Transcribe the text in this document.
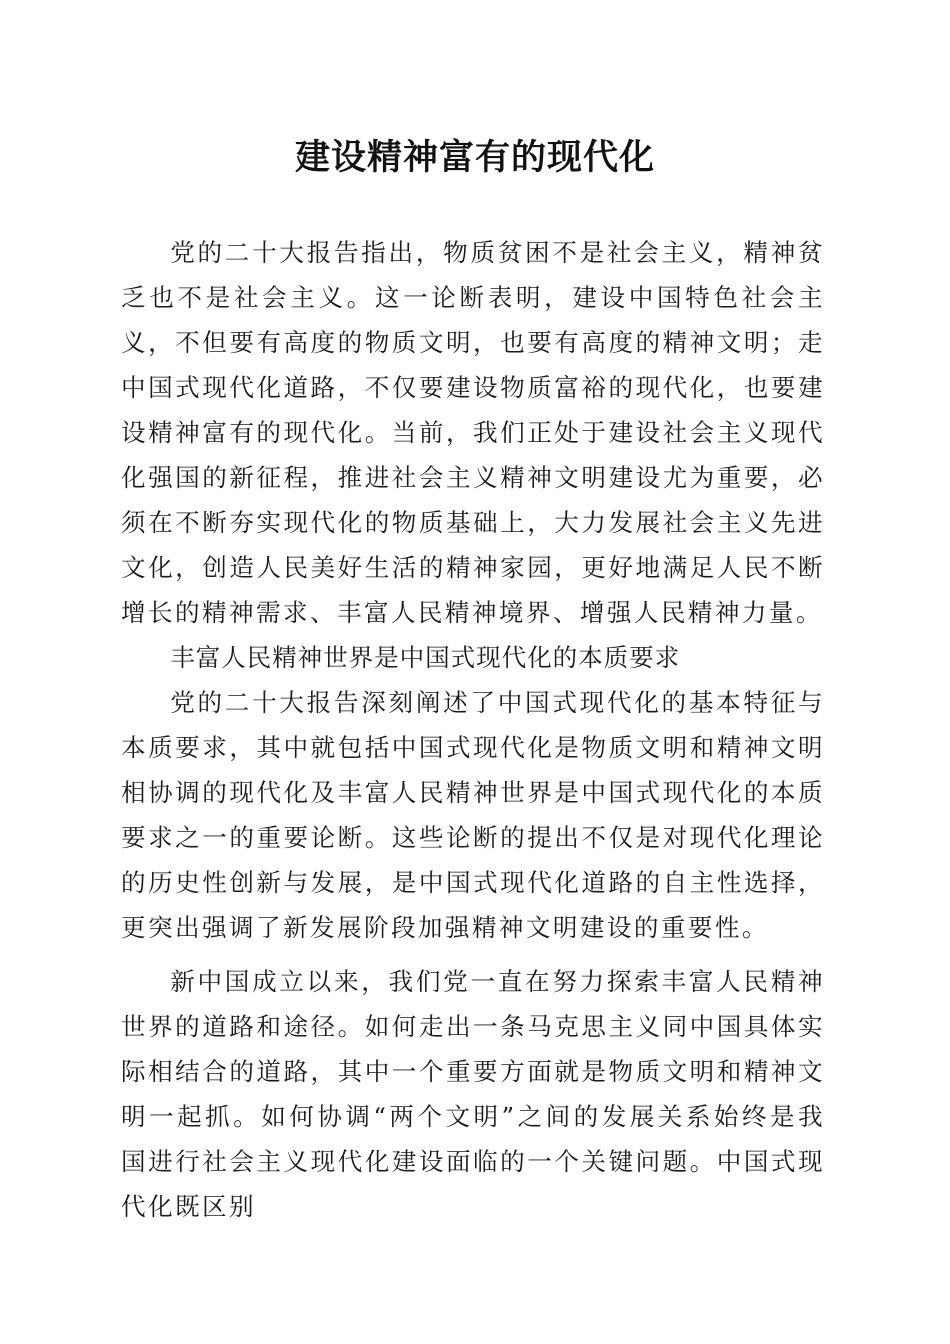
建设精神富有的现代化

党的二十大报告指出，物质贫困不是社会主义，精神贫乏也不是社会主义。这一论断表明，建设中国特色社会主义，不但要有高度的物质文明，也要有高度的精神文明；走中国式现代化道路，不仅要建设物质富裕的现代化，也要建设精神富有的现代化。当前，我们正处于建设社会主义现代化强国的新征程，推进社会主义精神文明建设尤为重要，必须在不断夯实现代化的物质基础上，大力发展社会主义先进文化，创造人民美好生活的精神家园，更好地满足人民不断增长的精神需求、丰富人民精神境界、增强人民精神力量。

丰富人民精神世界是中国式现代化的本质要求

党的二十大报告深刻阐述了中国式现代化的基本特征与本质要求，其中就包括中国式现代化是物质文明和精神文明相协调的现代化及丰富人民精神世界是中国式现代化的本质要求之一的重要论断。这些论断的提出不仅是对现代化理论的历史性创新与发展，是中国式现代化道路的自主性选择，更突出强调了新发展阶段加强精神文明建设的重要性。

新中国成立以来，我们党一直在努力探索丰富人民精神世界的道路和途径。如何走出一条马克思主义同中国具体实际相结合的道路，其中一个重要方面就是物质文明和精神文明一起抓。如何协调“两个文明”之间的发展关系始终是我国进行社会主义现代化建设面临的一个关键问题。中国式现代化既区别
